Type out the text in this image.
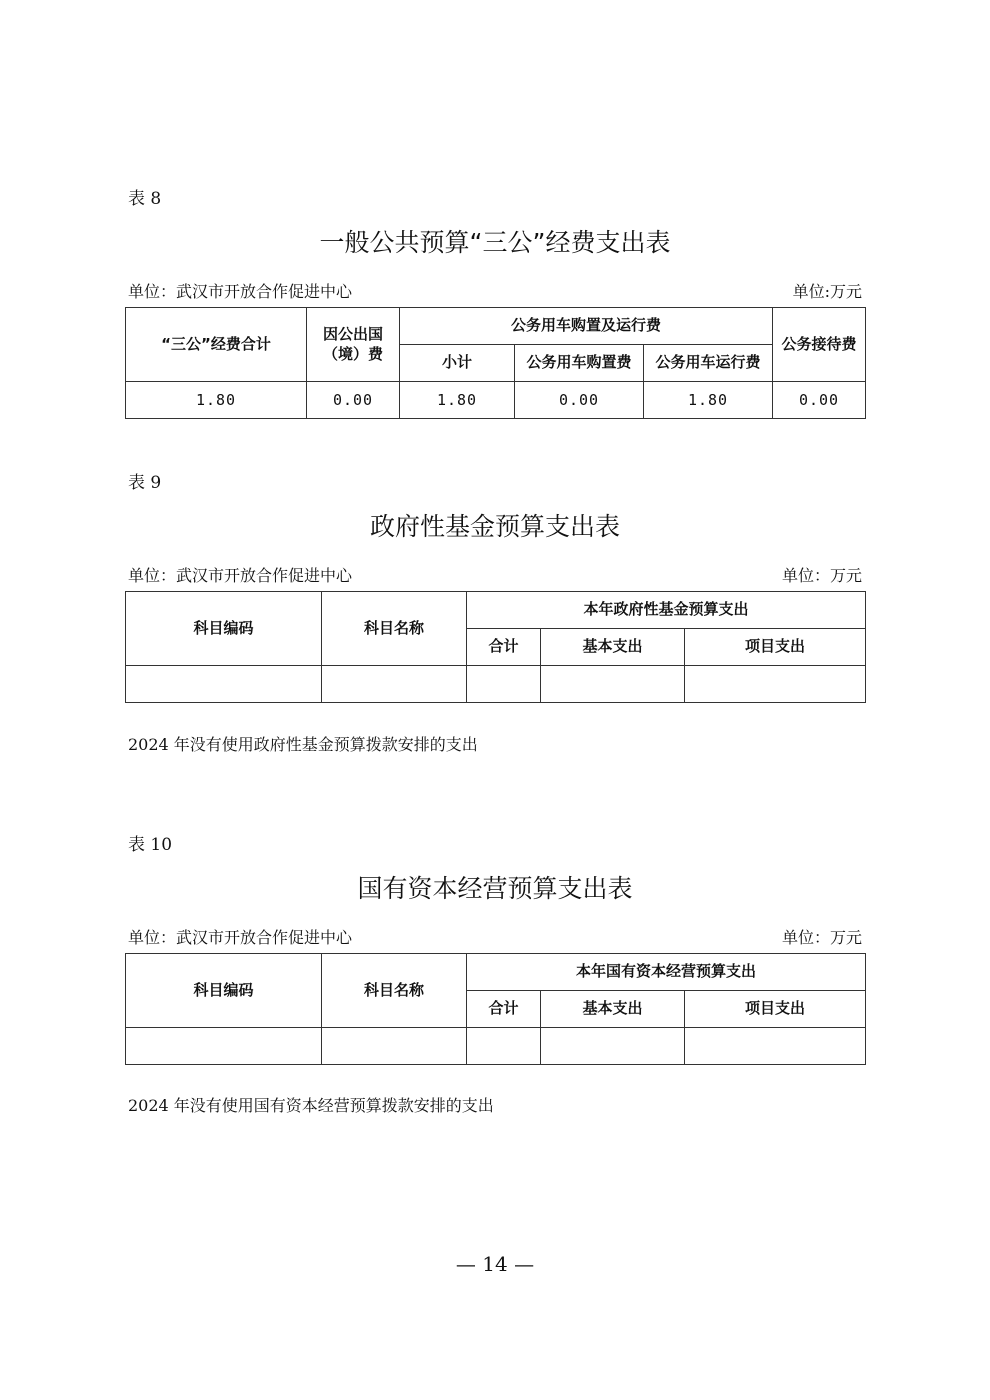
表 8
一般公共预算“三公”经费支出表
单位：武汉市开放合作促进中心	单位:万元
“三公”经费合计	因公出国（境）费	公务用车购置及运行费			公务接待费
		小计	公务用车购置费	公务用车运行费	
1.80	0.00	1.80	0.00	1.80	0.00
表 9
政府性基金预算支出表
单位：武汉市开放合作促进中心	单位：万元
科目编码	科目名称	本年政府性基金预算支出		
		合计	基本支出	项目支出

2024 年没有使用政府性基金预算拨款安排的支出
表 10
国有资本经营预算支出表
单位：武汉市开放合作促进中心	单位：万元
科目编码	科目名称	本年国有资本经营预算支出		
		合计	基本支出	项目支出

2024 年没有使用国有资本经营预算拨款安排的支出
— 14 —
